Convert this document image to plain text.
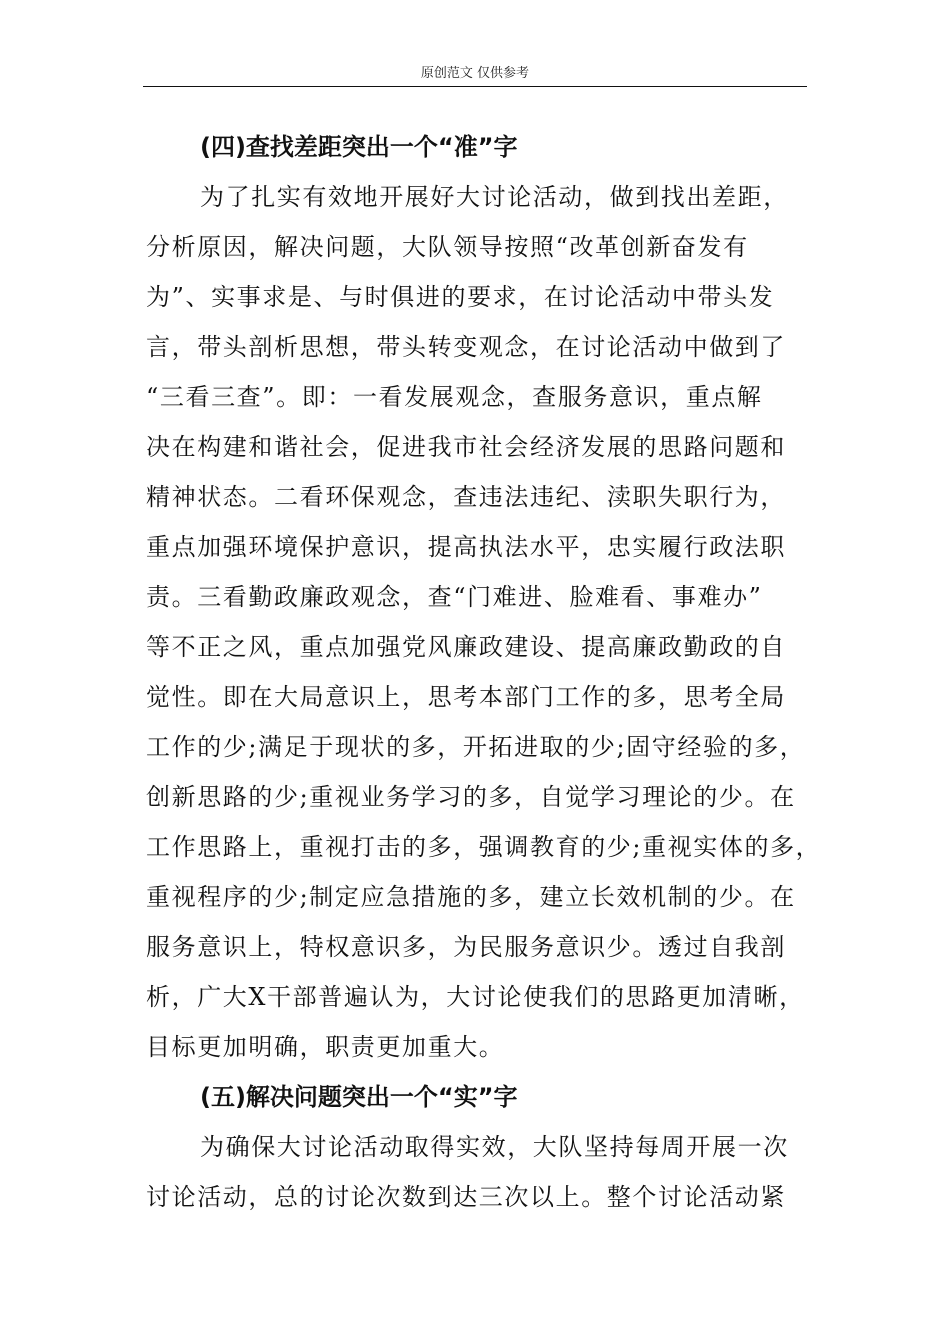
原创范文 仅供参考
(四)查找差距突出一个“准”字
为了扎实有效地开展好大讨论活动，做到找出差距，
分析原因，解决问题，大队领导按照“改革创新奋发有
为”、实事求是、与时俱进的要求，在讨论活动中带头发
言，带头剖析思想，带头转变观念，在讨论活动中做到了
“三看三查”。即：一看发展观念，查服务意识，重点解
决在构建和谐社会，促进我市社会经济发展的思路问题和
精神状态。二看环保观念，查违法违纪、渎职失职行为，
重点加强环境保护意识，提高执法水平，忠实履行政法职
责。三看勤政廉政观念，查“门难进、脸难看、事难办”
等不正之风，重点加强党风廉政建设、提高廉政勤政的自
觉性。即在大局意识上，思考本部门工作的多，思考全局
工作的少;满足于现状的多，开拓进取的少;固守经验的多，
创新思路的少;重视业务学习的多，自觉学习理论的少。在
工作思路上，重视打击的多，强调教育的少;重视实体的多，
重视程序的少;制定应急措施的多，建立长效机制的少。在
服务意识上，特权意识多，为民服务意识少。透过自我剖
析，广大X干部普遍认为，大讨论使我们的思路更加清晰，
目标更加明确，职责更加重大。
(五)解决问题突出一个“实”字
为确保大讨论活动取得实效，大队坚持每周开展一次
讨论活动，总的讨论次数到达三次以上。整个讨论活动紧
